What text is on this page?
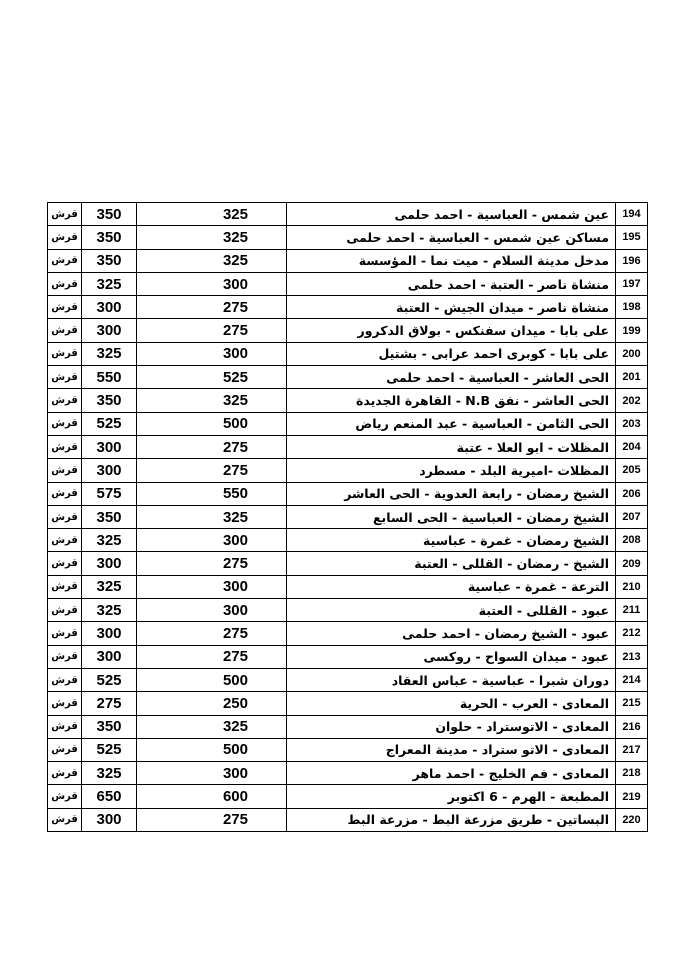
قرش	350	325	عين شمس - العباسية - احمد حلمى	194
قرش	350	325	مساكن عين شمس - العباسية - احمد حلمى	195
قرش	350	325	مدخل مدينة السلام - ميت نما - المؤسسة	196
قرش	325	300	منشاة ناصر - العتبة - احمد حلمى	197
قرش	300	275	منشاة ناصر - ميدان الجيش - العتبة	198
قرش	300	275	على بابا - ميدان سفنكس - بولاق الدكرور	199
قرش	325	300	على بابا - كوبرى احمد عرابى - بشتيل	200
قرش	550	525	الحى العاشر - العباسية - احمد حلمى	201
قرش	350	325	الحى العاشر - نفق N.B - القاهرة الجديدة	202
قرش	525	500	الحى الثامن - العباسية - عبد المنعم رياض	203
قرش	300	275	المظلات - ابو العلا - عتبة	204
قرش	300	275	المظلات -اميرية البلد - مسطرد	205
قرش	575	550	الشيخ رمضان - رابعة العدوية - الحى العاشر	206
قرش	350	325	الشيخ رمضان - العباسية - الحى السابع	207
قرش	325	300	الشيخ رمضان - غمرة - عباسية	208
قرش	300	275	الشيخ - رمضان - القللى - العتبة	209
قرش	325	300	الترعة - غمرة - عباسية	210
قرش	325	300	عبود - القللى - العتبة	211
قرش	300	275	عبود - الشيخ رمضان - احمد حلمى	212
قرش	300	275	عبود - ميدان السواح - روكسى	213
قرش	525	500	دوران شبرا - عباسية - عباس العقاد	214
قرش	275	250	المعادى - العرب - الحرية	215
قرش	350	325	المعادى - الاتوستراد - حلوان	216
قرش	525	500	المعادى - الاتو ستراد - مدينة المعراج	217
قرش	325	300	المعادى - فم الخليج - احمد ماهر	218
قرش	650	600	المطبعة - الهرم - 6 اكتوبر	219
قرش	300	275	البساتين - طريق مزرعة البط - مزرعة البط	220
